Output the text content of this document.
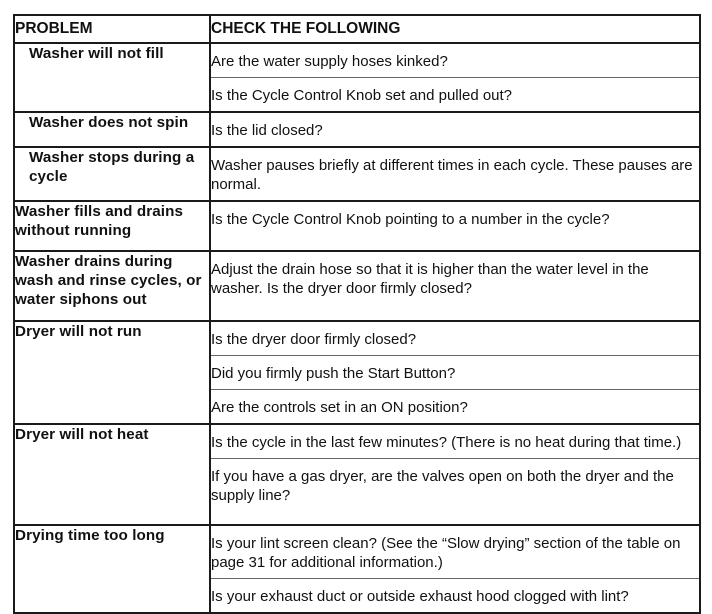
PROBLEM	CHECK THE FOLLOWING
Washer will not fill	Are the water supply hoses kinked?
Is the Cycle Control Knob set and pulled out?

Washer does not spin	Is the lid closed?

Washer stops during a cycle	Washer pauses briefly at different times in each cycle. These pauses are normal.

Washer fills and drains without running	Is the Cycle Control Knob pointing to a number in the cycle?

Washer drains during wash and rinse cycles, or water siphons out	Adjust the drain hose so that it is higher than the water level in the washer. Is the dryer door firmly closed?

Dryer will not run	Is the dryer door firmly closed?
Did you firmly push the Start Button?
Are the controls set in an ON position?

Dryer will not heat	Is the cycle in the last few minutes? (There is no heat during that time.)
If you have a gas dryer, are the valves open on both the dryer and the supply line?

Drying time too long	Is your lint screen clean? (See the “Slow drying” section of the table on page 31 for additional information.)
Is your exhaust duct or outside exhaust hood clogged with lint?
